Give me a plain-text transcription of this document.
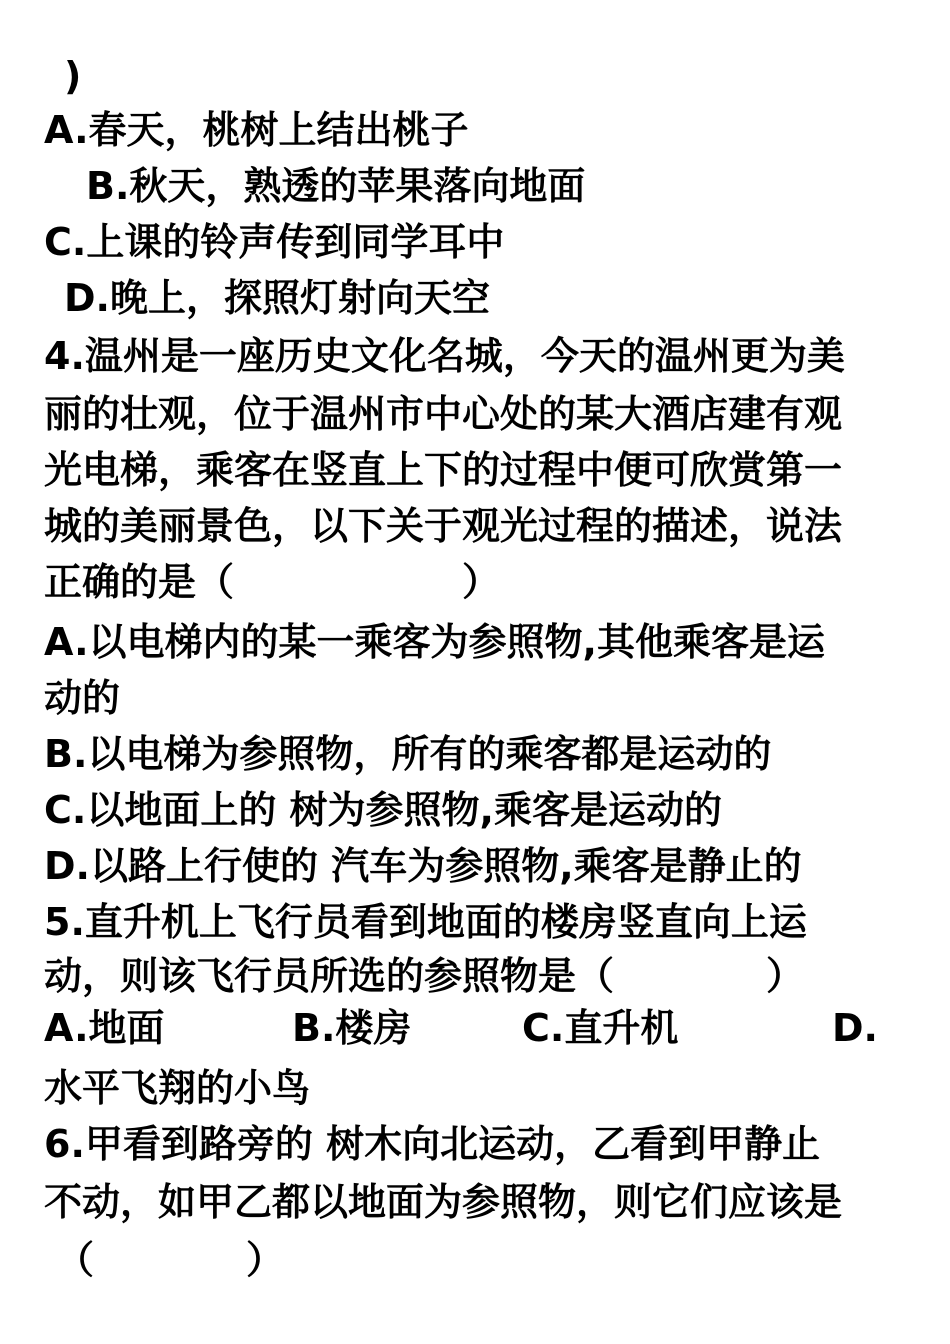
)
A.春天，桃树上结出桃子
B.秋天，熟透的苹果落向地面
C.上课的铃声传到同学耳中
D.晚上，探照灯射向天空
4.温州是一座历史文化名城，今天的温州更为美
丽的壮观，位于温州市中心处的某大酒店建有观
光电梯，乘客在竖直上下的过程中便可欣赏第一
城的美丽景色，以下关于观光过程的描述，说法
正确的是（　　　　　　）
A.以电梯内的某一乘客为参照物,其他乘客是运
动的
B.以电梯为参照物，所有的乘客都是运动的
C.以地面上的 树为参照物,乘客是运动的
D.以路上行使的 汽车为参照物,乘客是静止的
5.直升机上飞行员看到地面的楼房竖直向上运
动，则该飞行员所选的参照物是（　　　　）
A.地面	B.楼房	C.直升机	D.
水平飞翔的小鸟
6.甲看到路旁的 树木向北运动，乙看到甲静止
不动，如甲乙都以地面为参照物，则它们应该是
（　　　　）
